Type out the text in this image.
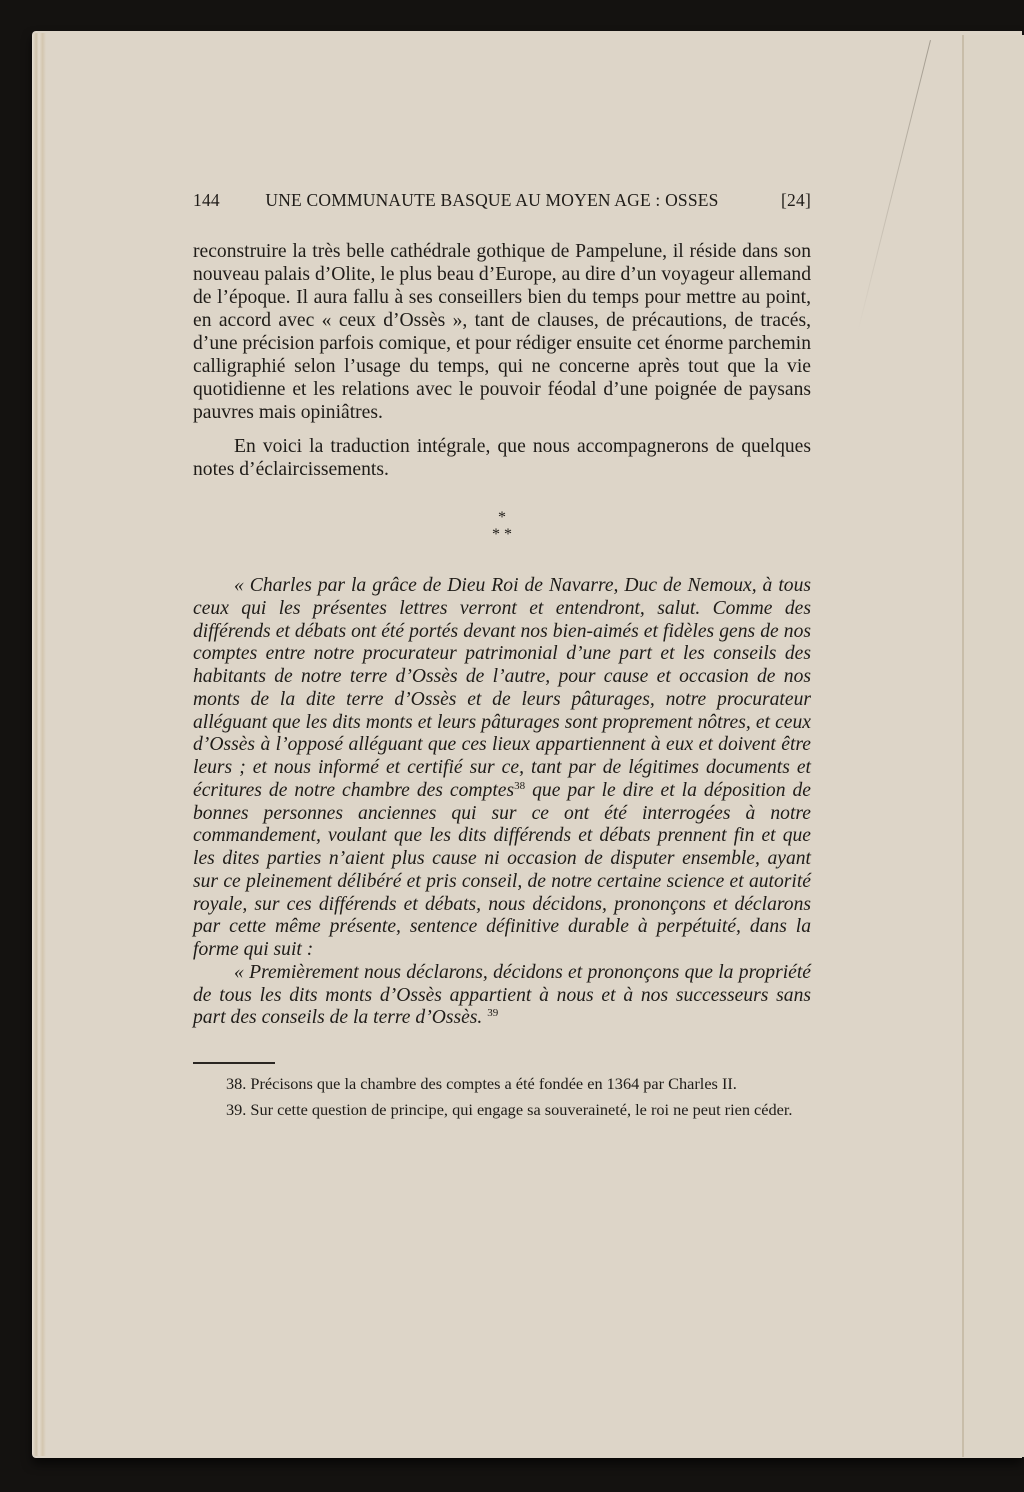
144	UNE COMMUNAUTE BASQUE AU MOYEN AGE : OSSES	[24]

reconstruire la très belle cathédrale gothique de Pampelune, il réside dans son nouveau palais d’Olite, le plus beau d’Europe, au dire d’un voyageur allemand de l’époque. Il aura fallu à ses conseillers bien du temps pour mettre au point, en accord avec « ceux d’Ossès », tant de clauses, de précautions, de tracés, d’une précision parfois comique, et pour rédiger ensuite cet énorme parchemin calligraphié selon l’usage du temps, qui ne concerne après tout que la vie quotidienne et les relations avec le pouvoir féodal d’une poignée de paysans pauvres mais opiniâtres.

En voici la traduction intégrale, que nous accompagnerons de quelques notes d’éclaircissements.

*
* *

« Charles par la grâce de Dieu Roi de Navarre, Duc de Nemoux, à tous ceux qui les présentes lettres verront et entendront, salut. Comme des différends et débats ont été portés devant nos bien-aimés et fidèles gens de nos comptes entre notre procurateur patrimonial d’une part et les conseils des habitants de notre terre d’Ossès de l’autre, pour cause et occasion de nos monts de la dite terre d’Ossès et de leurs pâturages, notre procurateur alléguant que les dits monts et leurs pâturages sont proprement nôtres, et ceux d’Ossès à l’opposé alléguant que ces lieux appartiennent à eux et doivent être leurs ; et nous informé et certifié sur ce, tant par de légitimes documents et écritures de notre chambre des comptes$^{38}$ que par le dire et la déposition de bonnes personnes anciennes qui sur ce ont été interrogées à notre commandement, voulant que les dits différends et débats prennent fin et que les dites parties n’aient plus cause ni occasion de disputer ensemble, ayant sur ce pleinement délibéré et pris conseil, de notre certaine science et autorité royale, sur ces différends et débats, nous décidons, prononçons et déclarons par cette même présente, sentence définitive durable à perpétuité, dans la forme qui suit :

« Premièrement nous déclarons, décidons et prononçons que la propriété de tous les dits monts d’Ossès appartient à nous et à nos successeurs sans part des conseils de la terre d’Ossès. $^{39}$

38. Précisons que la chambre des comptes a été fondée en 1364 par Charles II.

39. Sur cette question de principe, qui engage sa souveraineté, le roi ne peut rien céder.
